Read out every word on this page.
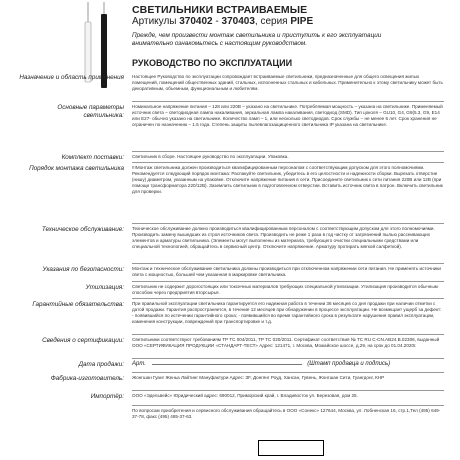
СВЕТИЛЬНИКИ ВСТРАИВАЕМЫЕ
Артикулы 370402 - 370403, серия PIPE
Прежде, чем произвести монтаж светильника и приступить к его эксплуатации внимательно ознакомьтесь с настоящим руководством.
РУКОВОДСТВО ПО ЭКСПЛУАТАЦИИ
Назначение и область применения Настоящее Руководство по эксплуатации сопровождает встраиваемые светильники, предназначенные для общего освещения жилых помещений, помещений общественных зданий, стальных, исполненных стальных и кабельных. Применительно к этому светильнику может быть декоративным, объемным, функциональным и любителям.
Основные параметры светильника:
Номинальное напряжение питания – 128 или 220В – указано на светильнике. Потребляемая мощность – указана на светильнике. Применяемый источник света – светодиодная лампа накаливания, зеркальная лампа накаливания, светодиод (SMD). Тип цоколя – GU10, G4, G9(5.3, G9, E14 или E27- обычно указано на светильнике. Количество ламп – 1, или несколько светодиодов. Срок службы – не менее 6 лет. Срок хранения не ограничен по назначению – 1.5 года. Степень защиты пылевлагозащищенного светильника IP указана на светильнике.
Комплект поставки: Светильник в сборе. Настоящее руководство по эксплуатации. Упаковка.
Порядок монтажа светильника !!!Монтаж светильника должен производиться квалифицированным персоналом с соответствующим допуском для этого полномочиями. Рекомендуется следующий порядок монтажа: Распакуйте светильник, убедитесь в его целостности и надежности сборки. Вырезать отверстие (нишу) диаметром, указанным на упаковке. Отключите напряжение питания в сети. Присоедините светильник к сети питания 220В или 12В (при помощи трансформатора 220/12В). Заземлить светильник в подготовленном отверстии. Вставить источник света в патрон. Включить светильник для проверки.
Техническое обслуживание: Техническое обслуживание должно производиться квалифицированным персоналом с соответствующим допуском для этого полномочиями. Производить замену вышедших из строя источников света. Производить не реже 1 раза в год чистку от загрязнений пылью рассеивающих элементов и арматуры светильника. (Элементы могут выполнены из материала, требующего очистки специальными средствами или специальной технологией, обращайтесь в сервисный центр. Отключите напряжение. Арматуру протирать мягкой салфеткой).
Указания по безопасности: Монтаж и техническое обслуживание светильника должны производиться при отключенном напряжении сети питания. Не применять источники света с мощностью, большей чем указанная в маркировке светильника.
Утилизация: Светильник не содержит дорогостоящих или токсичных материалов требующих специальной утилизации. Утилизация производится обычным способом через предприятия вторсырья.
Гарантийные обязательства: При правильной эксплуатации светильника гарантируется его надежная работа в течении 36 месяцев со дня продажи при наличии отметки с датой продажи. Гарантия распространяется, в течение 12 месяцев при обнаружении в процессе эксплуатации. Не возмещает ущерб за дефект: - появившийся по истечении гарантийного срока; - появившийся во время гарантийного срока в результате нарушения правил эксплуатации, изменения конструкции, повреждений при транспортировке и т.д.
Сведения о сертификации: Светильники соответствуют требованиям ТР ТС 004/2011, ТР ТС 020/2011. Сертификат соответствия № ТС RU C-CN.AB24.В.02306, выданный ООО «СЕРТИФИКАЦИЯ ПРОДУКЦИИ «СТАНДАРТ-ТЕСТ» Адрес: 121471, г. Москва, Можайское шоссе, д.29, на срок до 01.04.2020г.
Дата продажи: Арт.	(Штамп продавца и подпись)
Фабрика-изготовитель: Жонгшан Гуанг Женьа Лайтинг Мануфактури Адрес: ЗF, Донгянг Роуд, Хансан, Гувень, Жонгшан Сити, Гуангдонг, КНР
Импортёр: ООО «Эдельвейс» Юридический адрес: 690012, Приморский край, г. Владивосток ул. Березовая, дом 25.
По вопросам приобретения и сервисного обслуживания обращайтесь в ООО «Сонекс» 127644, Москва, ул. Лобненская 16, стр.1,Тел (495) 649-37-78, факс (495) 485-37-63.
